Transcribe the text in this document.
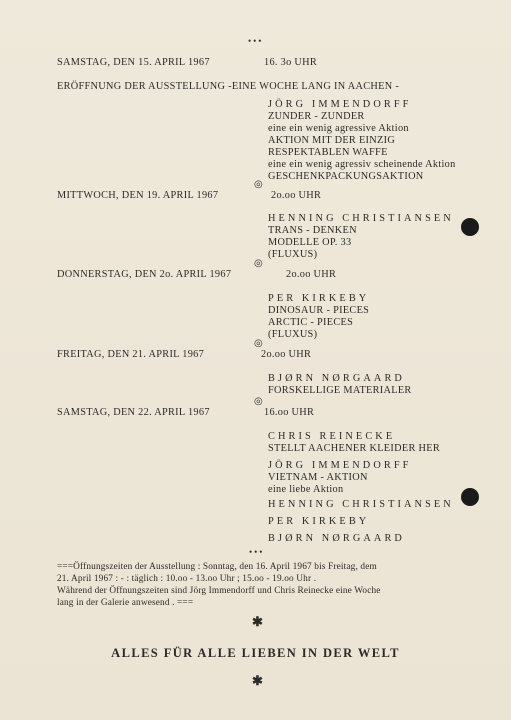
•••
SAMSTAG, DEN 15. APRIL 1967	16. 3o UHR
ERÖFFNUNG DER AUSSTELLUNG -EINE WOCHE LANG IN AACHEN -
JÖRG IMMENDORFF
ZUNDER - ZUNDER
eine ein wenig agressive Aktion
AKTION MIT DER EINZIG
RESPEKTABLEN WAFFE
eine ein wenig agressiv scheinende Aktion
GESCHENKPACKUNGSAKTION
◎
MITTWOCH, DEN 19. APRIL 1967	2o.oo UHR
HENNING CHRISTIANSEN
TRANS - DENKEN
MODELLE OP. 33
(FLUXUS)
◎
DONNERSTAG, DEN 2o. APRIL 1967	2o.oo UHR
PER KIRKEBY
DINOSAUR - PIECES
ARCTIC - PIECES
(FLUXUS)
◎
FREITAG, DEN 21. APRIL 1967	2o.oo UHR
BJØRN NØRGAARD
FORSKELLIGE MATERIALER
◎
SAMSTAG, DEN 22. APRIL 1967	16.oo UHR
CHRIS REINECKE
STELLT AACHENER KLEIDER HER
JÖRG IMMENDORFF
VIETNAM - AKTION
eine liebe Aktion
HENNING CHRISTIANSEN
PER KIRKEBY
BJØRN NØRGAARD
•••
===Öffnungszeiten der Ausstellung : Sonntag, den 16. April 1967 bis Freitag, dem
21. April 1967 : - : täglich : 10.oo - 13.oo Uhr ; 15.oo - 19.oo Uhr .
Während der Öffnungszeiten sind Jörg Immendorff und Chris Reinecke eine Woche
lang in der Galerie anwesend . ===
✱
ALLES FÜR ALLE LIEBEN IN DER WELT
✱
